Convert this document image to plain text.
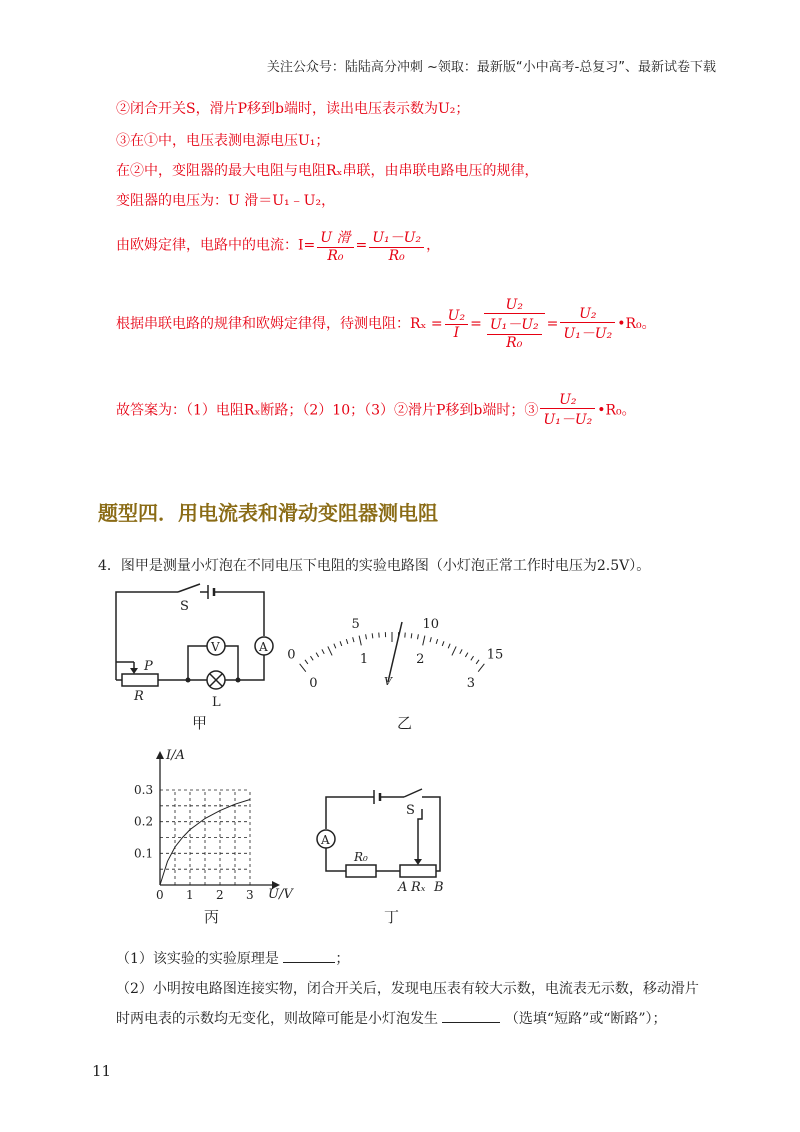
关注公众号：陆陆高分冲刺 ~领取：最新版“小中高考-总复习”、最新试卷下载
②闭合开关S，滑片P移到b端时，读出电压表示数为U₂；
③在①中，电压表测电源电压U₁；
在②中，变阻器的最大电阻与电阻Rₓ串联，由串联电路电压的规律，
变阻器的电压为：U 滑＝U₁﹣U₂，
由欧姆定律，电路中的电流：$I= \frac{\text{U 滑}}{\text{R₀}} = \frac{\text{U₁－U₂}}{\text{R₀}}$ ，
根据串联电路的规律和欧姆定律得，待测电阻：$R_x = \frac{\text{U₂}}{I} = \frac{\text{U₂}}{\frac{\text{U₁－U₂}}{\text{R₀}}} = \frac{\text{U₂}}{\text{U₁－U₂}}$ •R₀。
故答案为：（1）电阻Rₓ断路；（2）10；（3）②滑片P移到b端时；③ $\frac{\text{U₂}}{\text{U₁－U₂}}$ •R₀。
题型四．用电流表和滑动变阻器测电阻
4．图甲是测量小灯泡在不同电压下电阻的实验电路图（小灯泡正常工作时电压为2.5V）。
S
P
R
V	A
L
甲
0
5	10
15
0
1	2
3
V
乙
0 1 2 3
0.1
0.2
0.3
I/A
U/V
丙
S
A
R₀
A Rₓ B
丁
（1）该实验的实验原理是	；
（2）小明按电路图连接实物，闭合开关后，发现电压表有较大示数，电流表无示数，移动滑片
时两电表的示数均无变化，则故障可能是小灯泡发生	（选填“短路”或“断路”）；
11
